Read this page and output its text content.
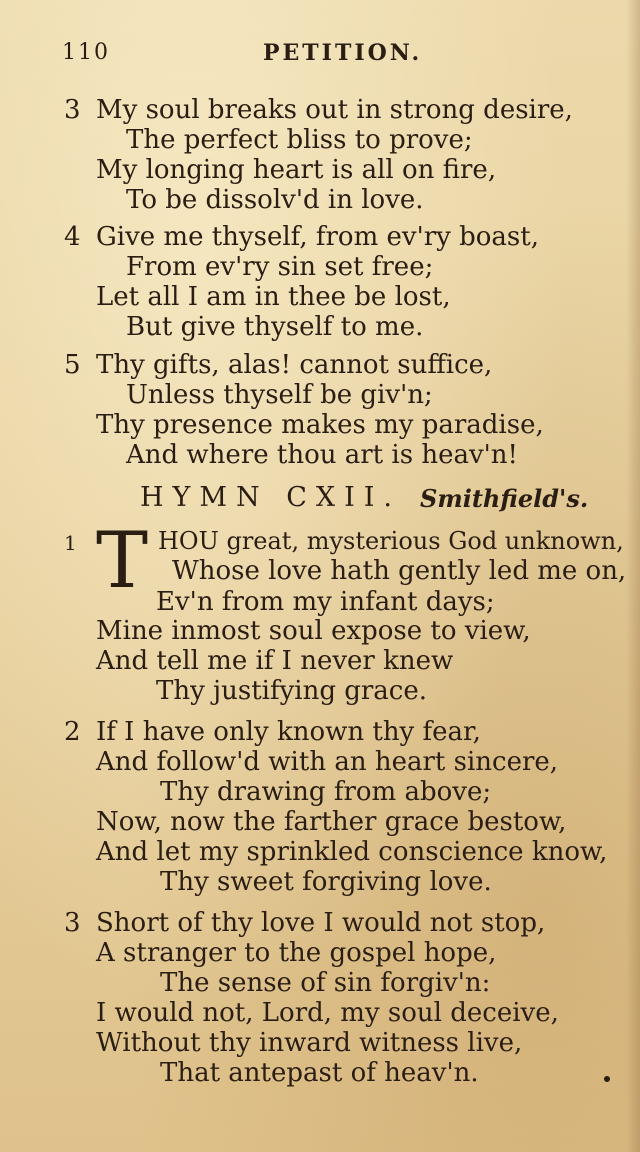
110	PETITION.
3 My soul breaks out in strong desire,
The perfect bliss to prove;
My longing heart is all on fire,
To be dissolv'd in love.
4 Give me thyself, from ev'ry boast,
From ev'ry sin set free;
Let all I am in thee be lost,
But give thyself to me.
5 Thy gifts, alas! cannot suffice,
Unless thyself be giv'n;
Thy presence makes my paradise,
And where thou art is heav'n!
HYMN CXII. Smithfield's.
1 T HOU great, mysterious God unknown,
Whose love hath gently led me on,
Ev'n from my infant days;
Mine inmost soul expose to view,
And tell me if I never knew
Thy justifying grace.
2 If I have only known thy fear,
And follow'd with an heart sincere,
Thy drawing from above;
Now, now the farther grace bestow,
And let my sprinkled conscience know,
Thy sweet forgiving love.
3 Short of thy love I would not stop,
A stranger to the gospel hope,
The sense of sin forgiv'n:
I would not, Lord, my soul deceive,
Without thy inward witness live,
That antepast of heav'n.
